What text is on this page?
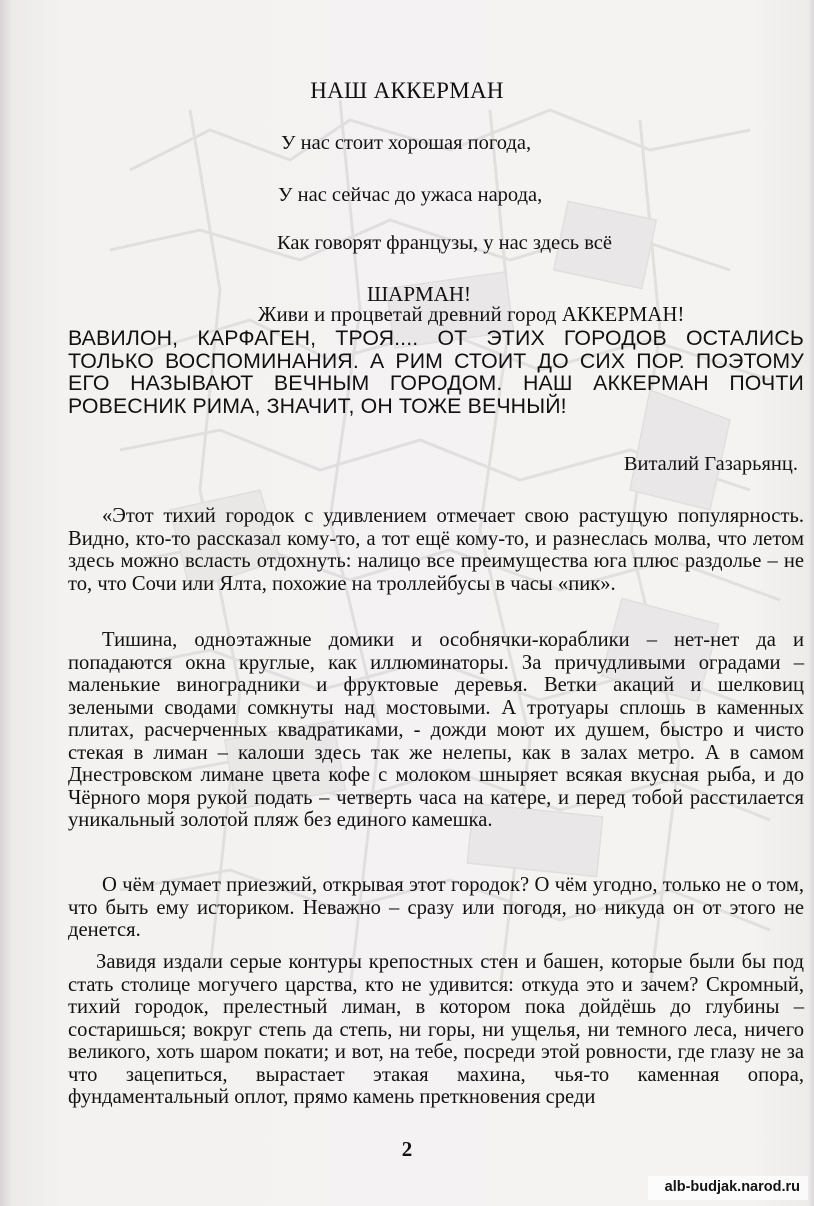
НАШ АККЕРМАН
У нас стоит хорошая погода,
У нас сейчас до ужаса народа,
Как говорят французы, у нас здесь всё
ШАРМАН!
Живи и процветай древний город АККЕРМАН!
ВАВИЛОН, КАРФАГЕН, ТРОЯ.... ОТ ЭТИХ ГОРОДОВ ОСТАЛИСЬ ТОЛЬКО ВОСПОМИНАНИЯ. А РИМ СТОИТ ДО СИХ ПОР. ПОЭТОМУ ЕГО НАЗЫВАЮТ ВЕЧНЫМ ГОРОДОМ. НАШ АККЕРМАН ПОЧТИ РОВЕСНИК РИМА, ЗНАЧИТ, ОН ТОЖЕ ВЕЧНЫЙ!
Виталий Газарьянц.

«Этот тихий городок с удивлением отмечает свою растущую популярность. Видно, кто-то рассказал кому-то, а тот ещё кому-то, и разнеслась молва, что летом здесь можно всласть отдохнуть: налицо все преимущества юга плюс раздолье – не то, что Сочи или Ялта, похожие на троллейбусы в часы «пик».

Тишина, одноэтажные домики и особнячки-кораблики – нет-нет да и попадаются окна круглые, как иллюминаторы. За причудливыми оградами – маленькие виноградники и фруктовые деревья. Ветки акаций и шелковиц зелеными сводами сомкнуты над мостовыми. А тротуары сплошь в каменных плитах, расчерченных квадратиками, - дожди моют их душем, быстро и чисто стекая в лиман – калоши здесь так же нелепы, как в залах метро. А в самом Днестровском лимане цвета кофе с молоком шныряет всякая вкусная рыба, и до Чёрного моря рукой подать – четверть часа на катере, и перед тобой расстилается уникальный золотой пляж без единого камешка.

О чём думает приезжий, открывая этот городок? О чём угодно, только не о том, что быть ему историком. Неважно – сразу или погодя, но никуда он от этого не денется.

Завидя издали серые контуры крепостных стен и башен, которые были бы под стать столице могучего царства, кто не удивится: откуда это и зачем? Скромный, тихий городок, прелестный лиман, в котором пока дойдёшь до глубины – состаришься; вокруг степь да степь, ни горы, ни ущелья, ни темного леса, ничего великого, хоть шаром покати; и вот, на тебе, посреди этой ровности, где глазу не за что зацепиться, вырастает этакая махина, чья-то каменная опора, фундаментальный оплот, прямо камень преткновения среди

2
alb-budjak.narod.ru
